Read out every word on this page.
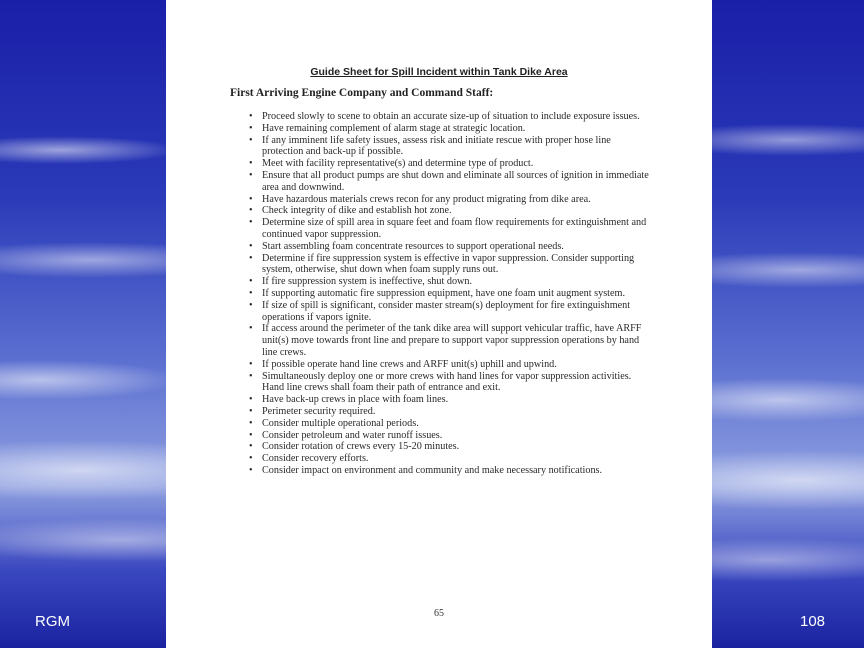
Guide Sheet for Spill Incident within Tank Dike Area
First Arriving Engine Company and Command Staff:
• Proceed slowly to scene to obtain an accurate size-up of situation to include exposure issues.
• Have remaining complement of alarm stage at strategic location.
• If any imminent life safety issues, assess risk and initiate rescue with proper hose line protection and back-up if possible.
• Meet with facility representative(s) and determine type of product.
• Ensure that all product pumps are shut down and eliminate all sources of ignition in immediate area and downwind.
• Have hazardous materials crews recon for any product migrating from dike area.
• Check integrity of dike and establish hot zone.
• Determine size of spill area in square feet and foam flow requirements for extinguishment and continued vapor suppression.
• Start assembling foam concentrate resources to support operational needs.
• Determine if fire suppression system is effective in vapor suppression. Consider supporting system, otherwise, shut down when foam supply runs out.
• If fire suppression system is ineffective, shut down.
• If supporting automatic fire suppression equipment, have one foam unit augment system.
• If size of spill is significant, consider master stream(s) deployment for fire extinguishment operations if vapors ignite.
• If access around the perimeter of the tank dike area will support vehicular traffic, have ARFF unit(s) move towards front line and prepare to support vapor suppression operations by hand line crews.
• If possible operate hand line crews and ARFF unit(s) uphill and upwind.
• Simultaneously deploy one or more crews with hand lines for vapor suppression activities. Hand line crews shall foam their path of entrance and exit.
• Have back-up crews in place with foam lines.
• Perimeter security required.
• Consider multiple operational periods.
• Consider petroleum and water runoff issues.
• Consider rotation of crews every 15-20 minutes.
• Consider recovery efforts.
• Consider impact on environment and community and make necessary notifications.
65
RGM	108
